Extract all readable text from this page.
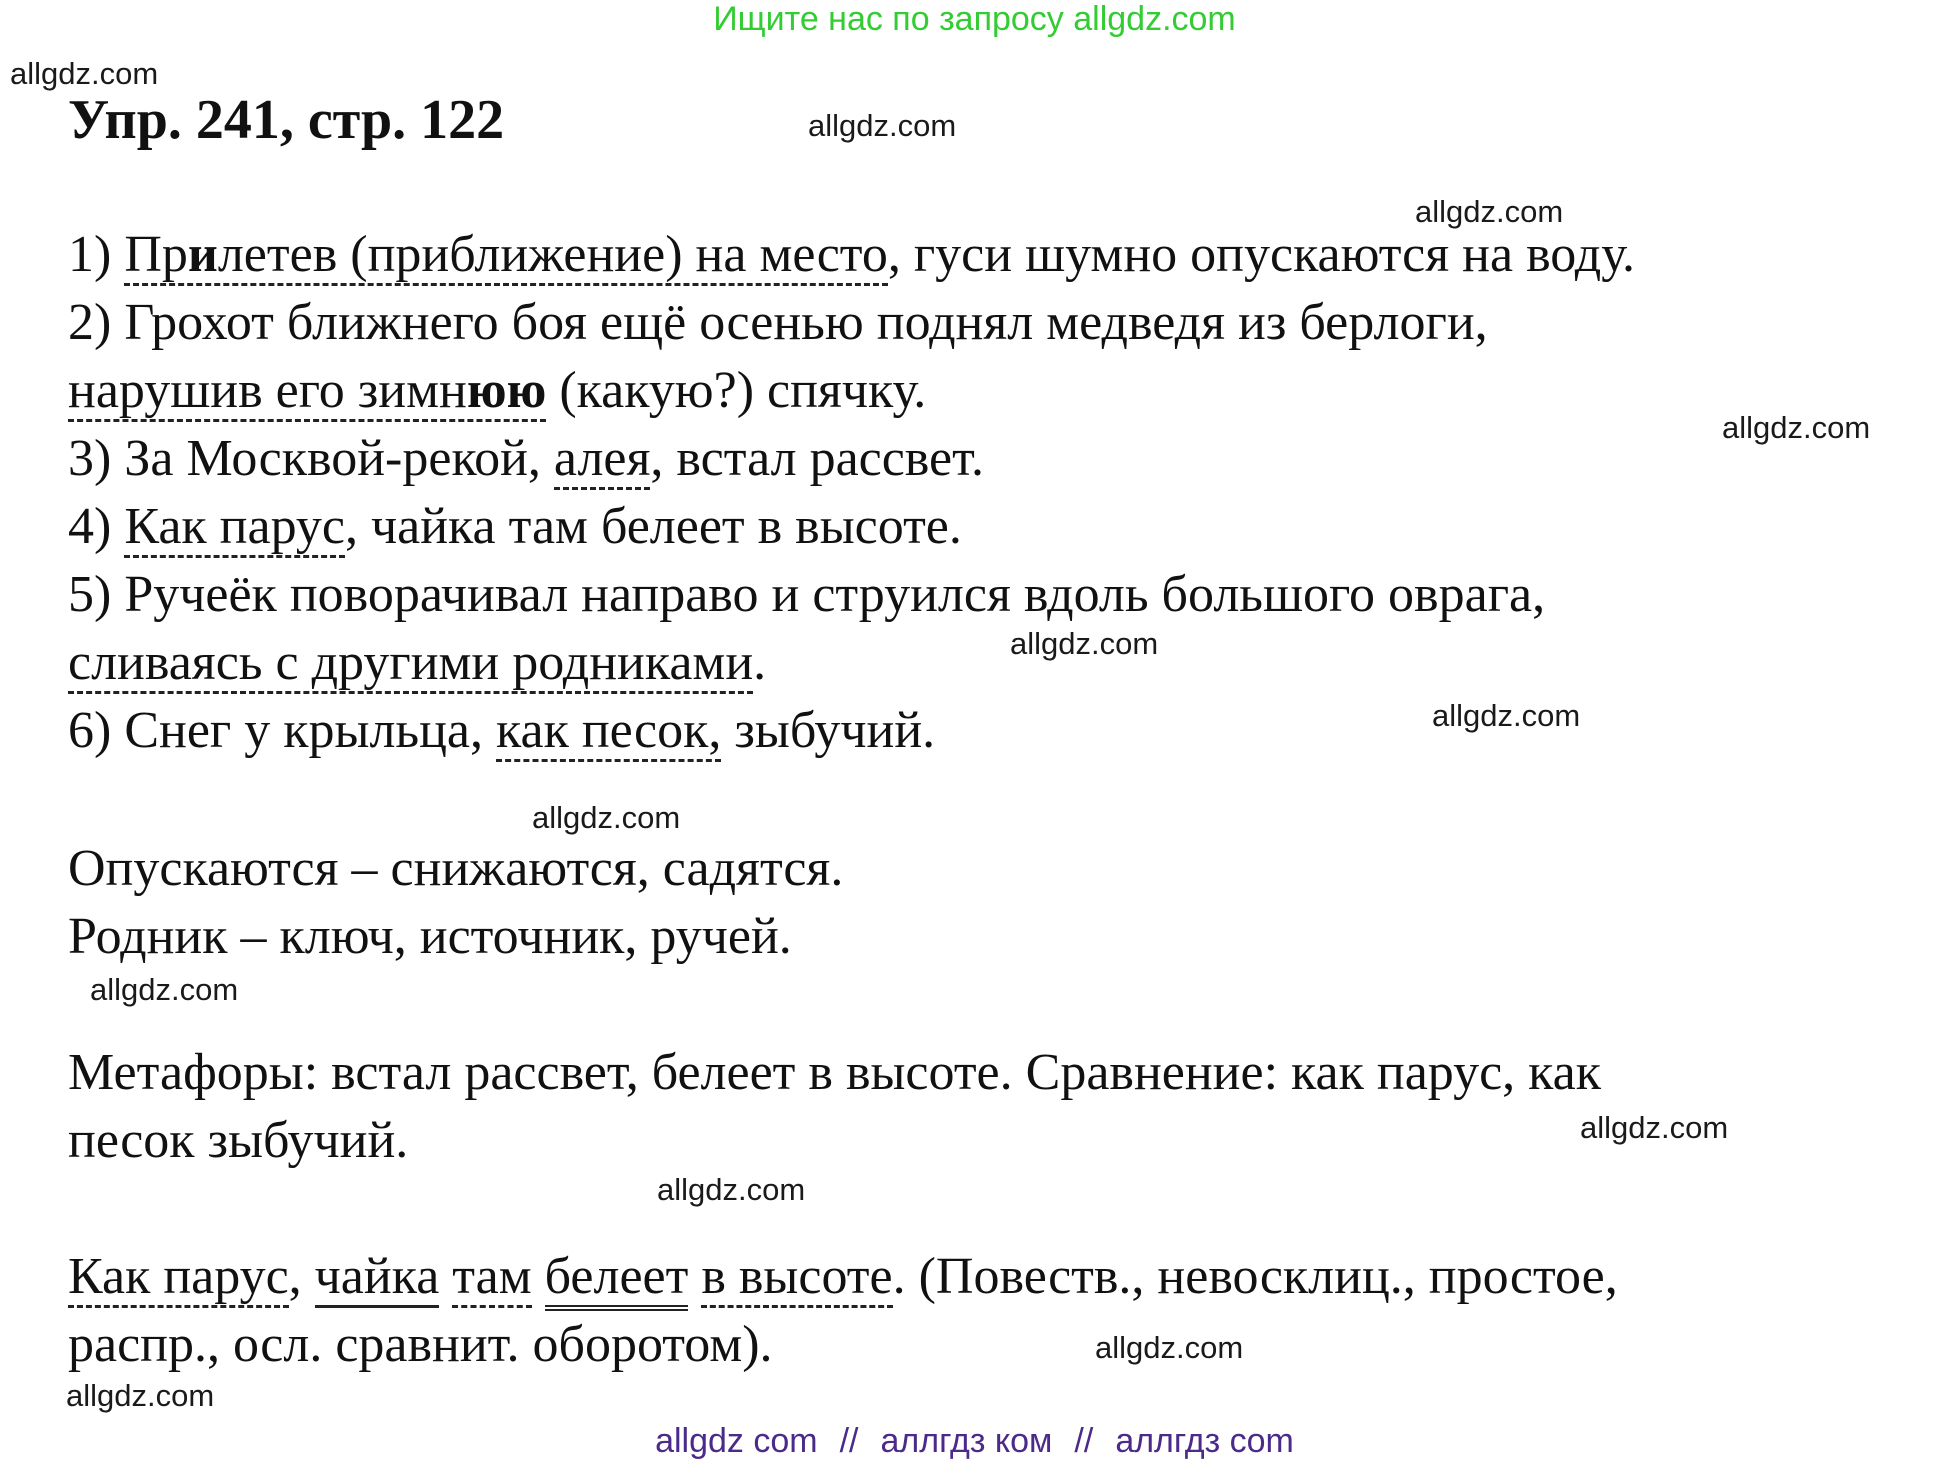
Ищите нас по запросу allgdz.com
allgdz.com
allgdz.com
allgdz.com
allgdz.com
allgdz.com
allgdz.com
allgdz.com
allgdz.com
allgdz.com
allgdz.com
allgdz.com
allgdz.com
Упр. 241, стр. 122
1) Прилетев (приближение) на место, гуси шумно опускаются на воду.
2) Грохот ближнего боя ещё осенью поднял медведя из берлоги,
нарушив его зимнюю (какую?) спячку.
3) За Москвой-рекой, алея, встал рассвет.
4) Как парус, чайка там белеет в высоте.
5) Ручеёк поворачивал направо и струился вдоль большого оврага,
сливаясь с другими родниками.
6) Снег у крыльца, как песок, зыбучий.
Опускаются – снижаются, садятся.
Родник – ключ, источник, ручей.
Метафоры: встал рассвет, белеет в высоте. Сравнение: как парус, как
песок зыбучий.
Как парус, чайка там белеет в высоте. (Повеств., невосклиц., простое,
распр., осл. сравнит. оборотом).
allgdz com // аллгдз ком // аллгдз com
